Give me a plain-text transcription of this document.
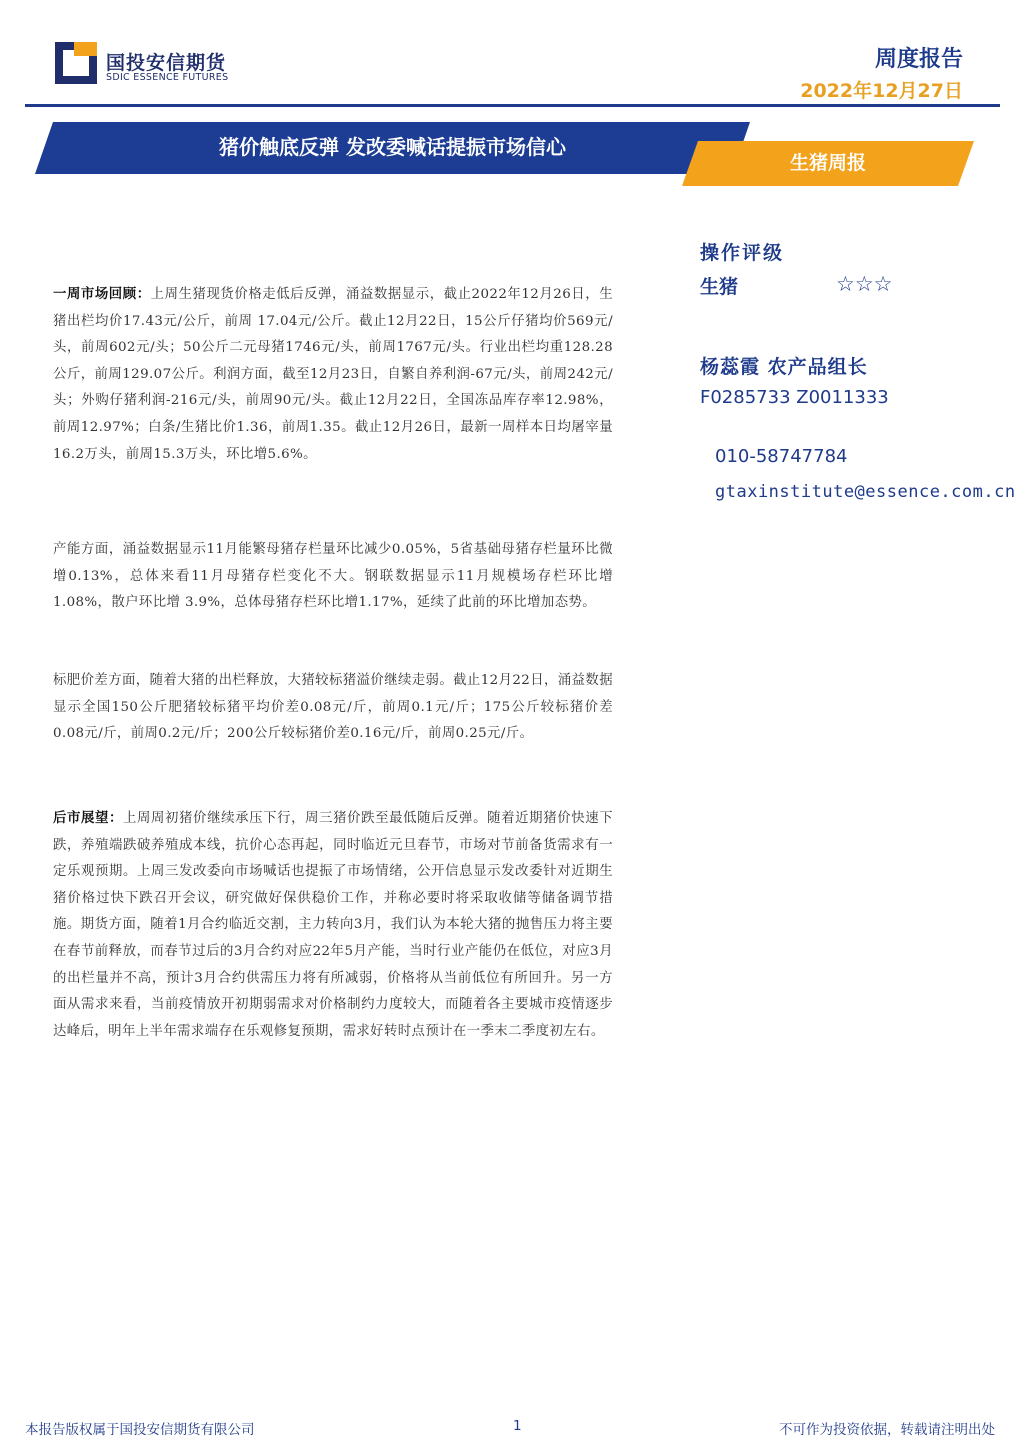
国投安信期货
SDIC ESSENCE FUTURES
周度报告
2022年12月27日
猪价触底反弹 发改委喊话提振市场信心
生猪周报
操作评级
生猪	☆☆☆
杨蕊霞 农产品组长
F0285733 Z0011333
010-58747784
gtaxinstitute@essence.com.cn
一周市场回顾：上周生猪现货价格走低后反弹，涌益数据显示，截止2022年12月26日，生猪出栏均价17.43元/公斤，前周 17.04元/公斤。截止12月22日，15公斤仔猪均价569元/头，前周602元/头；50公斤二元母猪1746元/头，前周1767元/头。行业出栏均重128.28公斤，前周129.07公斤。利润方面，截至12月23日，自繁自养利润-67元/头，前周242元/头；外购仔猪利润-216元/头，前周90元/头。截止12月22日，全国冻品库存率12.98%，前周12.97%；白条/生猪比价1.36，前周1.35。截止12月26日，最新一周样本日均屠宰量16.2万头，前周15.3万头，环比增5.6%。
产能方面，涌益数据显示11月能繁母猪存栏量环比减少0.05%，5省基础母猪存栏量环比微增0.13%，总体来看11月母猪存栏变化不大。钢联数据显示11月规模场存栏环比增1.08%，散户环比增 3.9%，总体母猪存栏环比增1.17%，延续了此前的环比增加态势。
标肥价差方面，随着大猪的出栏释放，大猪较标猪溢价继续走弱。截止12月22日，涌益数据显示全国150公斤肥猪较标猪平均价差0.08元/斤，前周0.1元/斤；175公斤较标猪价差0.08元/斤，前周0.2元/斤；200公斤较标猪价差0.16元/斤，前周0.25元/斤。
后市展望：上周周初猪价继续承压下行，周三猪价跌至最低随后反弹。随着近期猪价快速下跌，养殖端跌破养殖成本线，抗价心态再起，同时临近元旦春节，市场对节前备货需求有一定乐观预期。上周三发改委向市场喊话也提振了市场情绪，公开信息显示发改委针对近期生猪价格过快下跌召开会议，研究做好保供稳价工作，并称必要时将采取收储等储备调节措施。期货方面，随着1月合约临近交割，主力转向3月，我们认为本轮大猪的抛售压力将主要在春节前释放，而春节过后的3月合约对应22年5月产能，当时行业产能仍在低位，对应3月的出栏量并不高，预计3月合约供需压力将有所减弱，价格将从当前低位有所回升。另一方面从需求来看，当前疫情放开初期弱需求对价格制约力度较大，而随着各主要城市疫情逐步达峰后，明年上半年需求端存在乐观修复预期，需求好转时点预计在一季末二季度初左右。
本报告版权属于国投安信期货有限公司	1	不可作为投资依据，转载请注明出处
